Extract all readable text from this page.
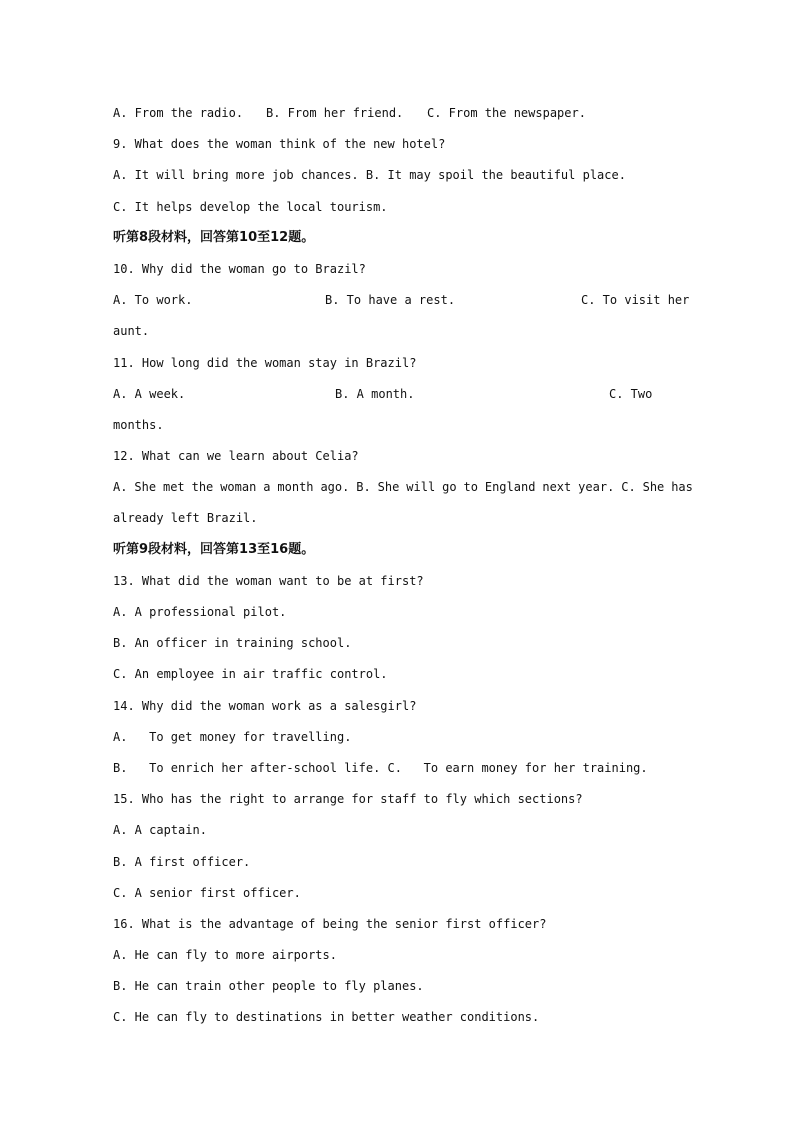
A. From the radio.

B. From her friend.

C. From the newspaper.

9. What does the woman think of the new hotel?
A. It will bring more job chances. B. It may spoil the beautiful place.
C. It helps develop the local tourism.
听第8段材料，回答第10至12题。
10. Why did the woman go to Brazil?

A. To work.

	B. To have a rest.

	C. To visit her

aunt.
11. How long did the woman stay in Brazil?

A. A week.

	B. A month.

	C. Two

months.
12. What can we learn about Celia?
A. She met the woman a month ago. B. She will go to England next year. C. She has
already left Brazil.
听第9段材料，回答第13至16题。
13. What did the woman want to be at first?
A. A professional pilot.
B. An officer in training school.
C. An employee in air traffic control.
14. Why did the woman work as a salesgirl?
A.   To get money for travelling.
B.   To enrich her after-school life. C.   To earn money for her training.
15. Who has the right to arrange for staff to fly which sections?
A. A captain.
B. A first officer.
C. A senior first officer.
16. What is the advantage of being the senior first officer?
A. He can fly to more airports.
B. He can train other people to fly planes.
C. He can fly to destinations in better weather conditions.
